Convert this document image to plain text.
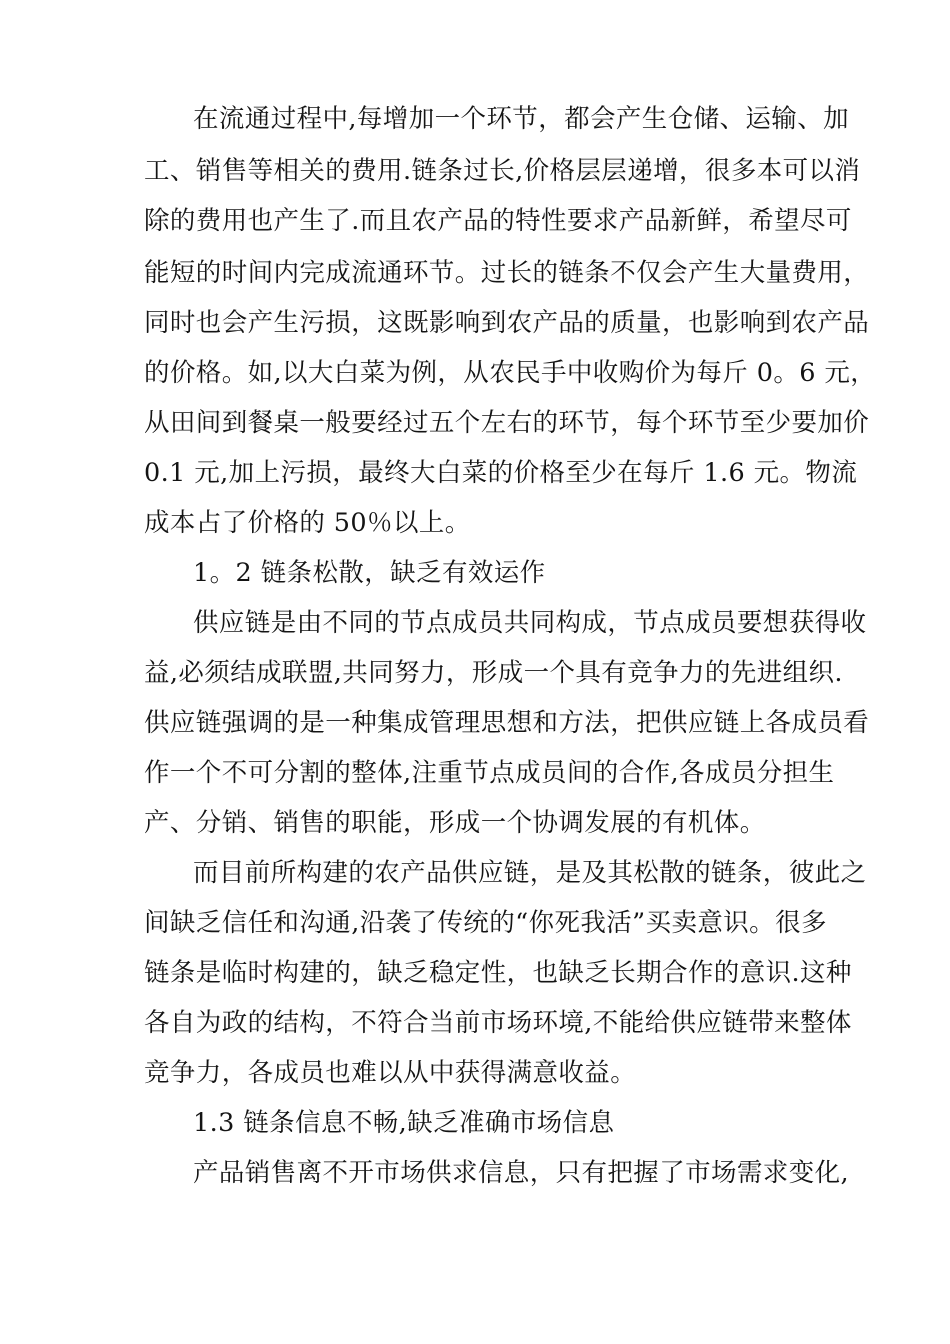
在流通过程中,每增加一个环节，都会产生仓储、运输、加
工、销售等相关的费用.链条过长,价格层层递增，很多本可以消
除的费用也产生了.而且农产品的特性要求产品新鲜，希望尽可
能短的时间内完成流通环节。过长的链条不仅会产生大量费用，
同时也会产生污损，这既影响到农产品的质量，也影响到农产品
的价格。如,以大白菜为例，从农民手中收购价为每斤 0。6 元，
从田间到餐桌一般要经过五个左右的环节，每个环节至少要加价
0.1 元,加上污损，最终大白菜的价格至少在每斤 1.6 元。物流
成本占了价格的 50％以上。
1。2 链条松散，缺乏有效运作
供应链是由不同的节点成员共同构成，节点成员要想获得收
益,必须结成联盟,共同努力，形成一个具有竞争力的先进组织.
供应链强调的是一种集成管理思想和方法，把供应链上各成员看
作一个不可分割的整体,注重节点成员间的合作,各成员分担生
产、分销、销售的职能，形成一个协调发展的有机体。
而目前所构建的农产品供应链，是及其松散的链条，彼此之
间缺乏信任和沟通,沿袭了传统的“你死我活”买卖意识。很多
链条是临时构建的，缺乏稳定性，也缺乏长期合作的意识.这种
各自为政的结构，不符合当前市场环境,不能给供应链带来整体
竞争力，各成员也难以从中获得满意收益。
1.3 链条信息不畅,缺乏准确市场信息
产品销售离不开市场供求信息，只有把握了市场需求变化,
